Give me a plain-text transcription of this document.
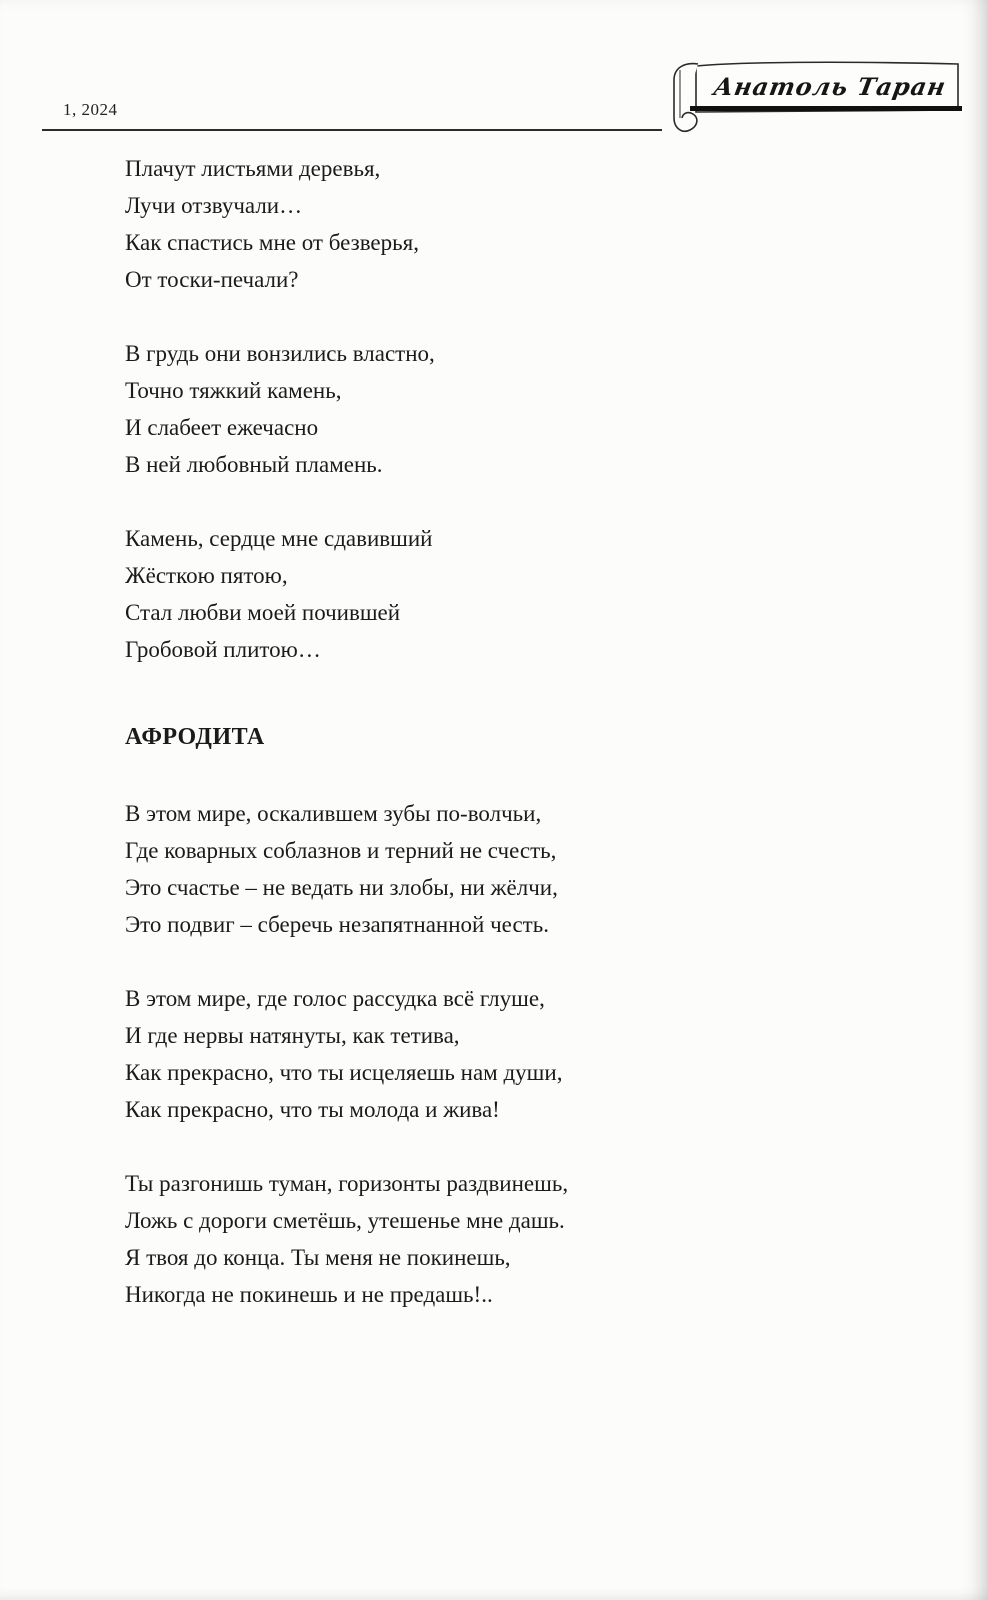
1, 2024
Анатоль Таран
Плачут листьями деревья,
Лучи отзвучали…
Как спастись мне от безверья,
От тоски-печали?
В грудь они вонзились властно,
Точно тяжкий камень,
И слабеет ежечасно
В ней любовный пламень.
Камень, сердце мне сдавивший
Жёсткою пятою,
Стал любви моей почившей
Гробовой плитою…
АФРОДИТА
В этом мире, оскалившем зубы по-волчьи,
Где коварных соблазнов и терний не счесть,
Это счастье – не ведать ни злобы, ни жёлчи,
Это подвиг – сберечь незапятнанной честь.
В этом мире, где голос рассудка всё глуше,
И где нервы натянуты, как тетива,
Как прекрасно, что ты исцеляешь нам души,
Как прекрасно, что ты молода и жива!
Ты разгонишь туман, горизонты раздвинешь,
Ложь с дороги сметёшь, утешенье мне дашь.
Я твоя до конца. Ты меня не покинешь,
Никогда не покинешь и не предашь!..
